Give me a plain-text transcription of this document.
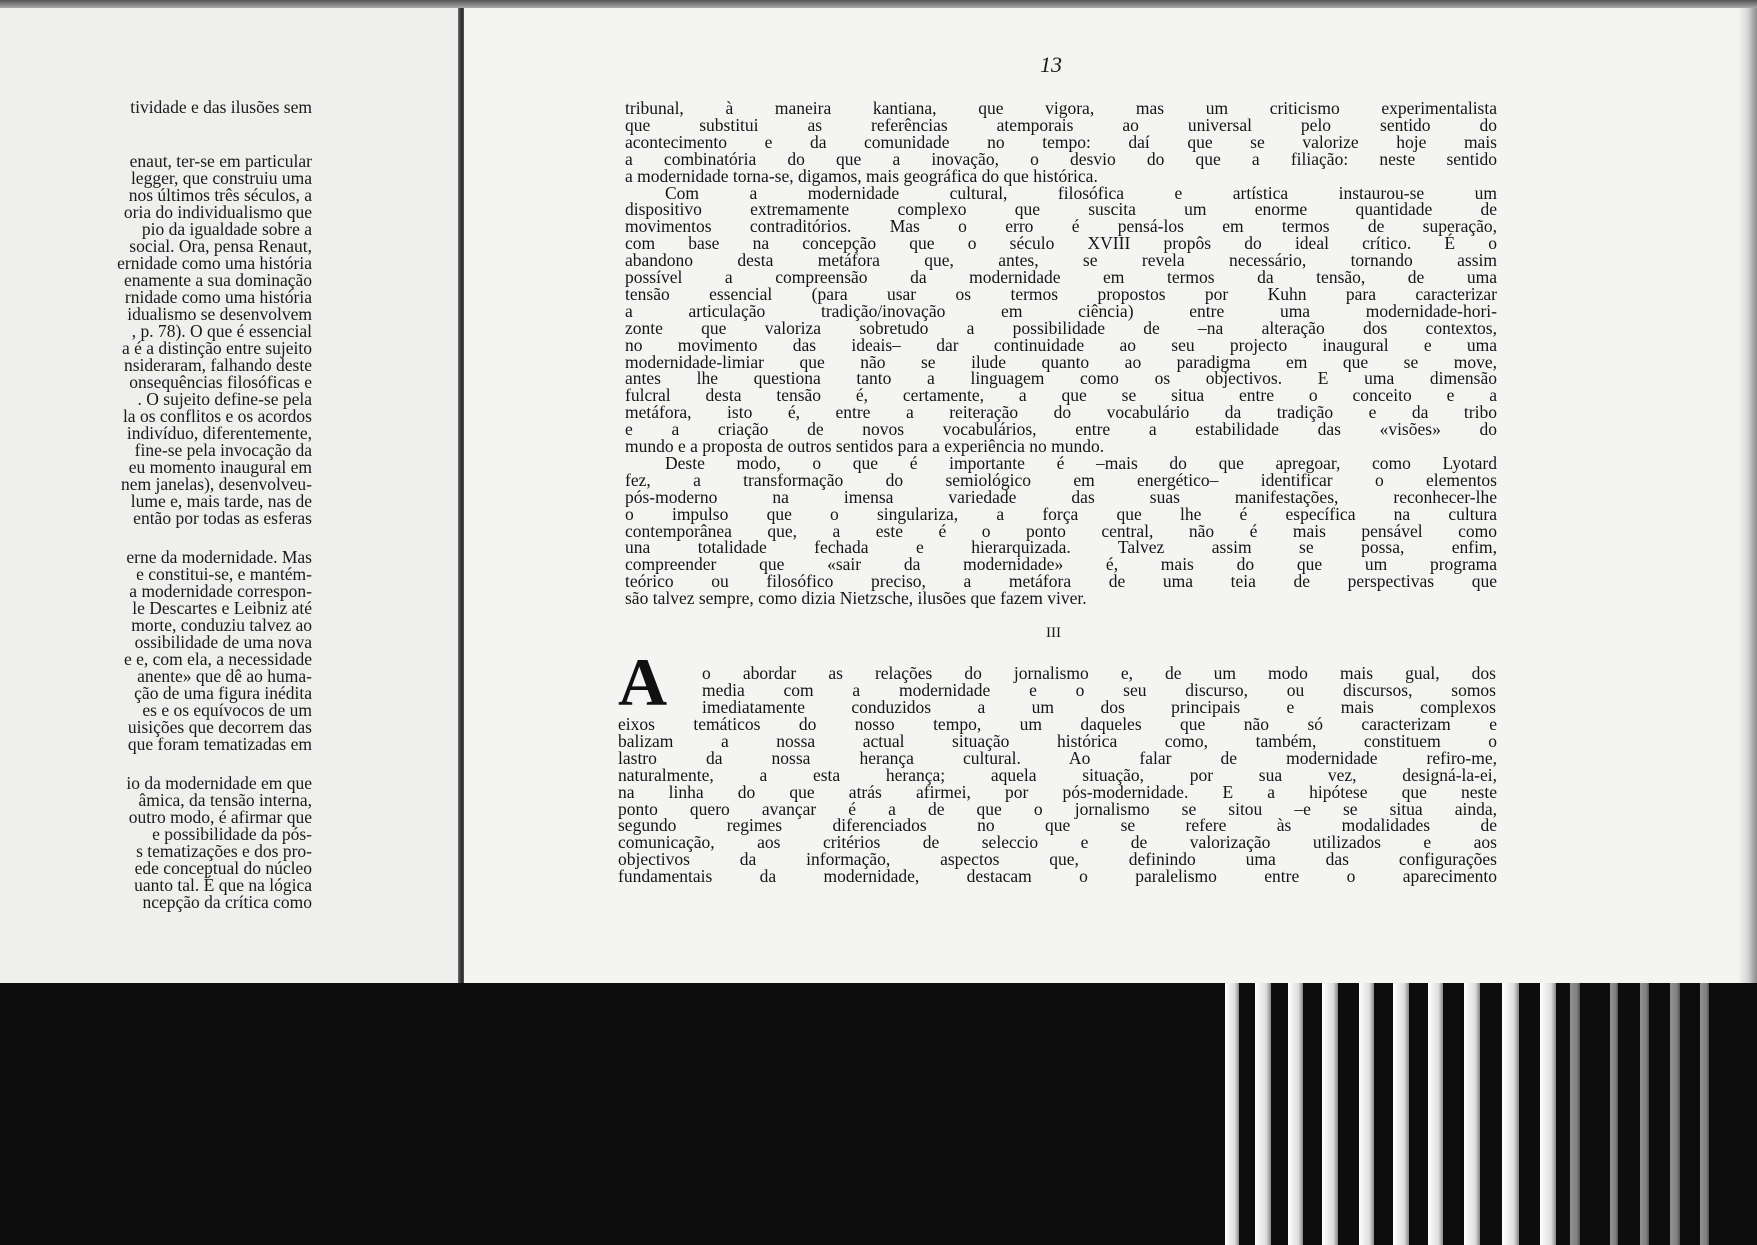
tividade e das ilusões sem
enaut, ter-se em particular
legger, que construiu uma
nos últimos três séculos, a
oria do individualismo que
pio da igualdade sobre a
social. Ora, pensa Renaut,
ernidade como uma história
enamente a sua dominação
rnidade como uma história
idualismo se desenvolvem
, p. 78). O que é essencial
a é a distinção entre sujeito
nsideraram, falhando deste
onsequências filosóficas e
. O sujeito define-se pela
la os conflitos e os acordos
indivíduo, diferentemente,
fine-se pela invocação da
eu momento inaugural em
nem janelas), desenvolveu-
lume e, mais tarde, nas de
então por todas as esferas
erne da modernidade. Mas
e constitui-se, e mantém-
a modernidade correspon-
le Descartes e Leibniz até
morte, conduziu talvez ao
ossibilidade de uma nova
e e, com ela, a necessidade
anente» que dê ao huma-
ção de uma figura inédita
es e os equívocos de um
uisições que decorrem das
que foram tematizadas em
io da modernidade em que
âmica, da tensão interna,
outro modo, é afirmar que
e possibilidade da pós-
s tematizações e dos pro-
ede conceptual do núcleo
uanto tal. É que na lógica
ncepção da crítica como
13
III
A
tribunal, à maneira kantiana, que vigora, mas um criticismo experimentalista
que substitui as referências atemporais ao universal pelo sentido do
acontecimento e da comunidade no tempo: daí que se valorize hoje mais
a combinatória do que a inovação, o desvio do que a filiação: neste sentido
a modernidade torna-se, digamos, mais geográfica do que histórica.
Com a modernidade cultural, filosófica e artística instaurou-se um
dispositivo extremamente complexo que suscita um enorme quantidade de
movimentos contraditórios. Mas o erro é pensá-los em termos de superação,
com base na concepção que o século XVIII propôs do ideal crítico. É o
abandono desta metáfora que, antes, se revela necessário, tornando assim
possível a compreensão da modernidade em termos da tensão, de uma
tensão essencial (para usar os termos propostos por Kuhn para caracterizar
a articulação tradição/inovação em ciência) entre uma modernidade-hori-
zonte que valoriza sobretudo a possibilidade de –na alteração dos contextos,
no movimento das ideais– dar continuidade ao seu projecto inaugural e uma
modernidade-limiar que não se ilude quanto ao paradigma em que se move,
antes lhe questiona tanto a linguagem como os objectivos. E uma dimensão
fulcral desta tensão é, certamente, a que se situa entre o conceito e a
metáfora, isto é, entre a reiteração do vocabulário da tradição e da tribo
e a criação de novos vocabulários, entre a estabilidade das «visões» do
mundo e a proposta de outros sentidos para a experiência no mundo.
Deste modo, o que é importante é –mais do que apregoar, como Lyotard
fez, a transformação do semiológico em energético– identificar o elementos
pós-moderno na imensa variedade das suas manifestações, reconhecer-lhe
o impulso que o singulariza, a força que lhe é específica na cultura
contemporânea que, a este é o ponto central, não é mais pensável como
una totalidade fechada e hierarquizada. Talvez assim se possa, enfim,
compreender que «sair da modernidade» é, mais do que um programa
teórico ou filosófico preciso, a metáfora de uma teia de perspectivas que
são talvez sempre, como dizia Nietzsche, ilusões que fazem viver.
o abordar as relações do jornalismo e, de um modo mais gual, dos
media com a modernidade e o seu discurso, ou discursos, somos
imediatamente conduzidos a um dos principais e mais complexos
eixos temáticos do nosso tempo, um daqueles que não só caracterizam e
balizam a nossa actual situação histórica como, também, constituem o
lastro da nossa herança cultural. Ao falar de modernidade refiro-me,
naturalmente, a esta herança; aquela situação, por sua vez, designá-la-ei,
na linha do que atrás afirmei, por pós-modernidade. E a hipótese que neste
ponto quero avançar é a de que o jornalismo se sitou –e se situa ainda,
segundo regimes diferenciados no que se refere às modalidades de
comunicação, aos critérios de seleccio e de valorização utilizados e aos
objectivos da informação, aspectos que, definindo uma das configurações
fundamentais da modernidade, destacam o paralelismo entre o aparecimento
